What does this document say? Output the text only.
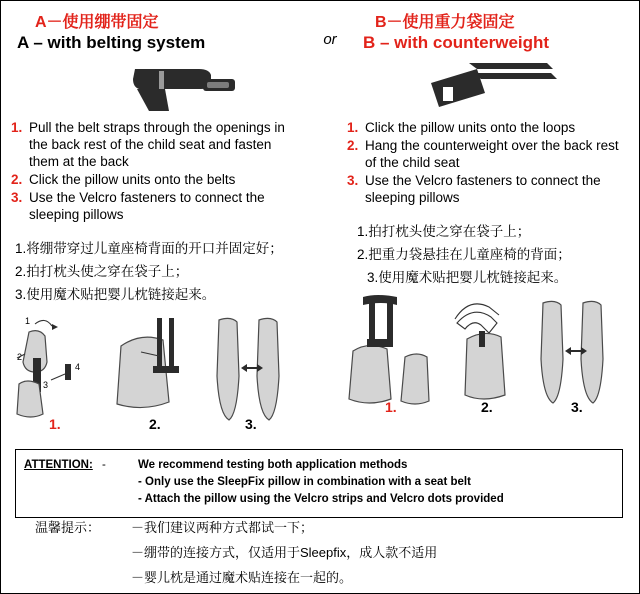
A－使用绷带固定
A – with belting system
1. Pull the belt straps through the openings in the back rest of the child seat and fasten them at the back
2. Click the pillow units onto the belts
3. Use the Velcro fasteners to connect the sleeping pillows
1.将绷带穿过儿童座椅背面的开口并固定好；
2.拍打枕头使之穿在袋子上；
3.使用魔术贴把婴儿枕链接起来。
1
2
3
4
1.	2.	3.
or
B－使用重力袋固定
B – with counterweight
1. Click the pillow units onto the loops
2. Hang the counterweight over the back rest of the child seat
3. Use the Velcro fasteners to connect the sleeping pillows
1.拍打枕头使之穿在袋子上；
2.把重力袋悬挂在儿童座椅的背面；
3.使用魔术贴把婴儿枕链接起来。
1.	2.	3.
ATTENTION: -	We recommend testing both application methods
- Only use the SleepFix pillow in combination with a seat belt
- Attach the pillow using the Velcro strips and Velcro dots provided
温馨提示：	－我们建议两种方式都试一下；
－绷带的连接方式，仅适用于Sleepfix，成人款不适用
－婴儿枕是通过魔术贴连接在一起的。
